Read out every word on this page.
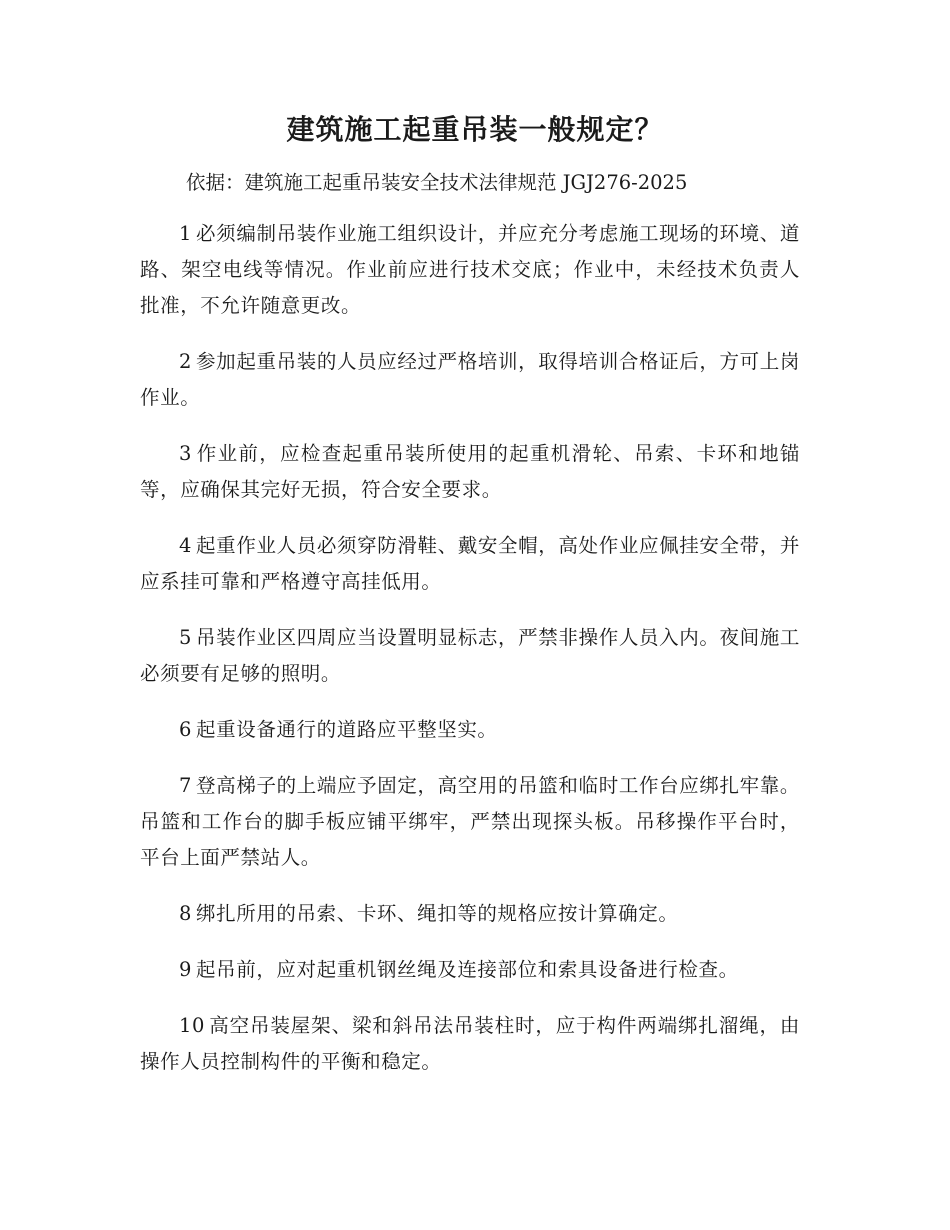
建筑施工起重吊装一般规定？
依据：建筑施工起重吊装安全技术法律规范 JGJ276-2025

1 必须编制吊装作业施工组织设计，并应充分考虑施工现场的环境、道路、架空电线等情况。作业前应进行技术交底；作业中，未经技术负责人批准，不允许随意更改。

2 参加起重吊装的人员应经过严格培训，取得培训合格证后，方可上岗作业。

3 作业前，应检查起重吊装所使用的起重机滑轮、吊索、卡环和地锚等，应确保其完好无损，符合安全要求。

4 起重作业人员必须穿防滑鞋、戴安全帽，高处作业应佩挂安全带，并应系挂可靠和严格遵守高挂低用。

5 吊装作业区四周应当设置明显标志，严禁非操作人员入内。夜间施工必须要有足够的照明。

6 起重设备通行的道路应平整坚实。

7 登高梯子的上端应予固定，高空用的吊篮和临时工作台应绑扎牢靠。吊篮和工作台的脚手板应铺平绑牢，严禁出现探头板。吊移操作平台时，平台上面严禁站人。

8 绑扎所用的吊索、卡环、绳扣等的规格应按计算确定。

9 起吊前，应对起重机钢丝绳及连接部位和索具设备进行检查。

10 高空吊装屋架、梁和斜吊法吊装柱时，应于构件两端绑扎溜绳，由操作人员控制构件的平衡和稳定。
